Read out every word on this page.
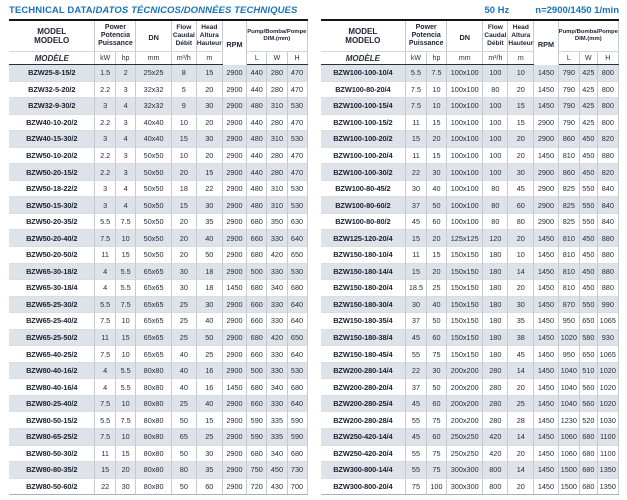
TECHNICAL DATA/DATOS TÉCNICOS/DONNÉES TECHNIQUES	50 Hz	n=2900/1450 1/min
MODEL
MODELO

Power
Potencia
Puissance
	DN	
Flow
Caudal
Débit

Head
Altura
Hauteur	RPM	
Pump/Bomba/Pompe
DIM.(mm)

MODÈLE	kW	hp	mm	m³/h	m		L	W	H
BZW25-8-15/2	1.5	2	25x25	8	15	2900	440	280	470
BZW32-5-20/2	2.2	3	32x32	5	20	2900	440	280	470
BZW32-9-30/2	3	4	32x32	9	30	2900	480	310	530
BZW40-10-20/2	2.2	3	40x40	10	20	2900	440	280	470
BZW40-15-30/2	3	4	40x40	15	30	2900	480	310	530
BZW50-10-20/2	2.2	3	50x50	10	20	2900	440	280	470
BZW50-20-15/2	2.2	3	50x50	20	15	2900	440	280	470
BZW50-18-22/2	3	4	50x50	18	22	2900	480	310	530
BZW50-15-30/2	3	4	50x50	15	30	2900	480	310	530
BZW50-20-35/2	5.5	7.5	50x50	20	35	2900	680	350	630
BZW50-20-40/2	7.5	10	50x50	20	40	2900	660	330	640
BZW50-20-50/2	11	15	50x50	20	50	2900	680	420	650
BZW65-30-18/2	4	5.5	65x65	30	18	2900	500	330	530
BZW65-30-18/4	4	5.5	65x65	30	18	1450	680	340	680
BZW65-25-30/2	5.5	7.5	65x65	25	30	2900	660	330	640
BZW65-25-40/2	7.5	10	65x65	25	40	2900	660	330	640
BZW65-25-50/2	11	15	65x65	25	50	2900	680	420	650
BZW65-40-25/2	7.5	10	65x65	40	25	2900	660	330	640
BZW80-40-16/2	4	5.5	80x80	40	16	2900	500	330	530
BZW80-40-16/4	4	5.5	80x80	40	16	1450	680	340	680
BZW80-25-40/2	7.5	10	80x80	25	40	2900	660	330	640
BZW80-50-15/2	5.5	7.5	80x80	50	15	2900	590	335	590
BZW80-65-25/2	7.5	10	80x80	65	25	2900	590	335	590
BZW80-50-30/2	11	15	80x80	50	30	2900	680	340	680
BZW80-80-35/2	15	20	80x80	80	35	2900	750	450	730
BZW80-50-60/2	22	30	80x80	50	60	2900	720	430	700
MODEL
MODELO

Power
Potencia
Puissance
	DN	
Flow
Caudal
Débit

Head
Altura
Hauteur	RPM	
Pump/Bomba/Pompe
DIM.(mm)

MODÈLE	kW	hp	mm	m³/h	m		L	W	H
BZW100-100-10/4	5.5	7.5	100x100	100	10	1450	790	425	800
BZW100-80-20/4	7.5	10	100x100	80	20	1450	790	425	800
BZW100-100-15/4	7.5	10	100x100	100	15	1450	790	425	800
BZW100-100-15/2	11	15	100x100	100	15	2900	790	425	800
BZW100-100-20/2	15	20	100x100	100	20	2900	860	450	820
BZW100-100-20/4	11	15	100x100	100	20	1450	810	450	880
BZW100-100-30/2	22	30	100x100	100	30	2900	860	450	820
BZW100-80-45/2	30	40	100x100	80	45	2900	825	550	840
BZW100-80-60/2	37	50	100x100	80	60	2900	825	550	840
BZW100-80-80/2	45	60	100x100	80	80	2900	825	550	840
BZW125-120-20/4	15	20	125x125	120	20	1450	810	450	880
BZW150-180-10/4	11	15	150x150	180	10	1450	810	450	880
BZW150-180-14/4	15	20	150x150	180	14	1450	810	450	880
BZW150-180-20/4	18.5	25	150x150	180	20	1450	810	450	880
BZW150-180-30/4	30	40	150x150	180	30	1450	870	550	990
BZW150-180-35/4	37	50	150x150	180	35	1450	950	650	1065
BZW150-180-38/4	45	60	150x150	180	38	1450	1020	580	930
BZW150-180-45/4	55	75	150x150	180	45	1450	950	650	1065
BZW200-280-14/4	22	30	200x200	280	14	1450	1040	510	1020
BZW200-280-20/4	37	50	200x200	280	20	1450	1040	560	1020
BZW200-280-25/4	45	60	200x200	280	25	1450	1040	560	1020
BZW200-280-28/4	55	75	200x200	280	28	1450	1230	520	1030
BZW250-420-14/4	45	60	250x250	420	14	1450	1060	680	1100
BZW250-420-20/4	55	75	250x250	420	20	1450	1060	680	1100
BZW300-800-14/4	55	75	300x300	800	14	1450	1500	680	1350
BZW300-800-20/4	75	100	300x300	800	20	1450	1500	680	1350
